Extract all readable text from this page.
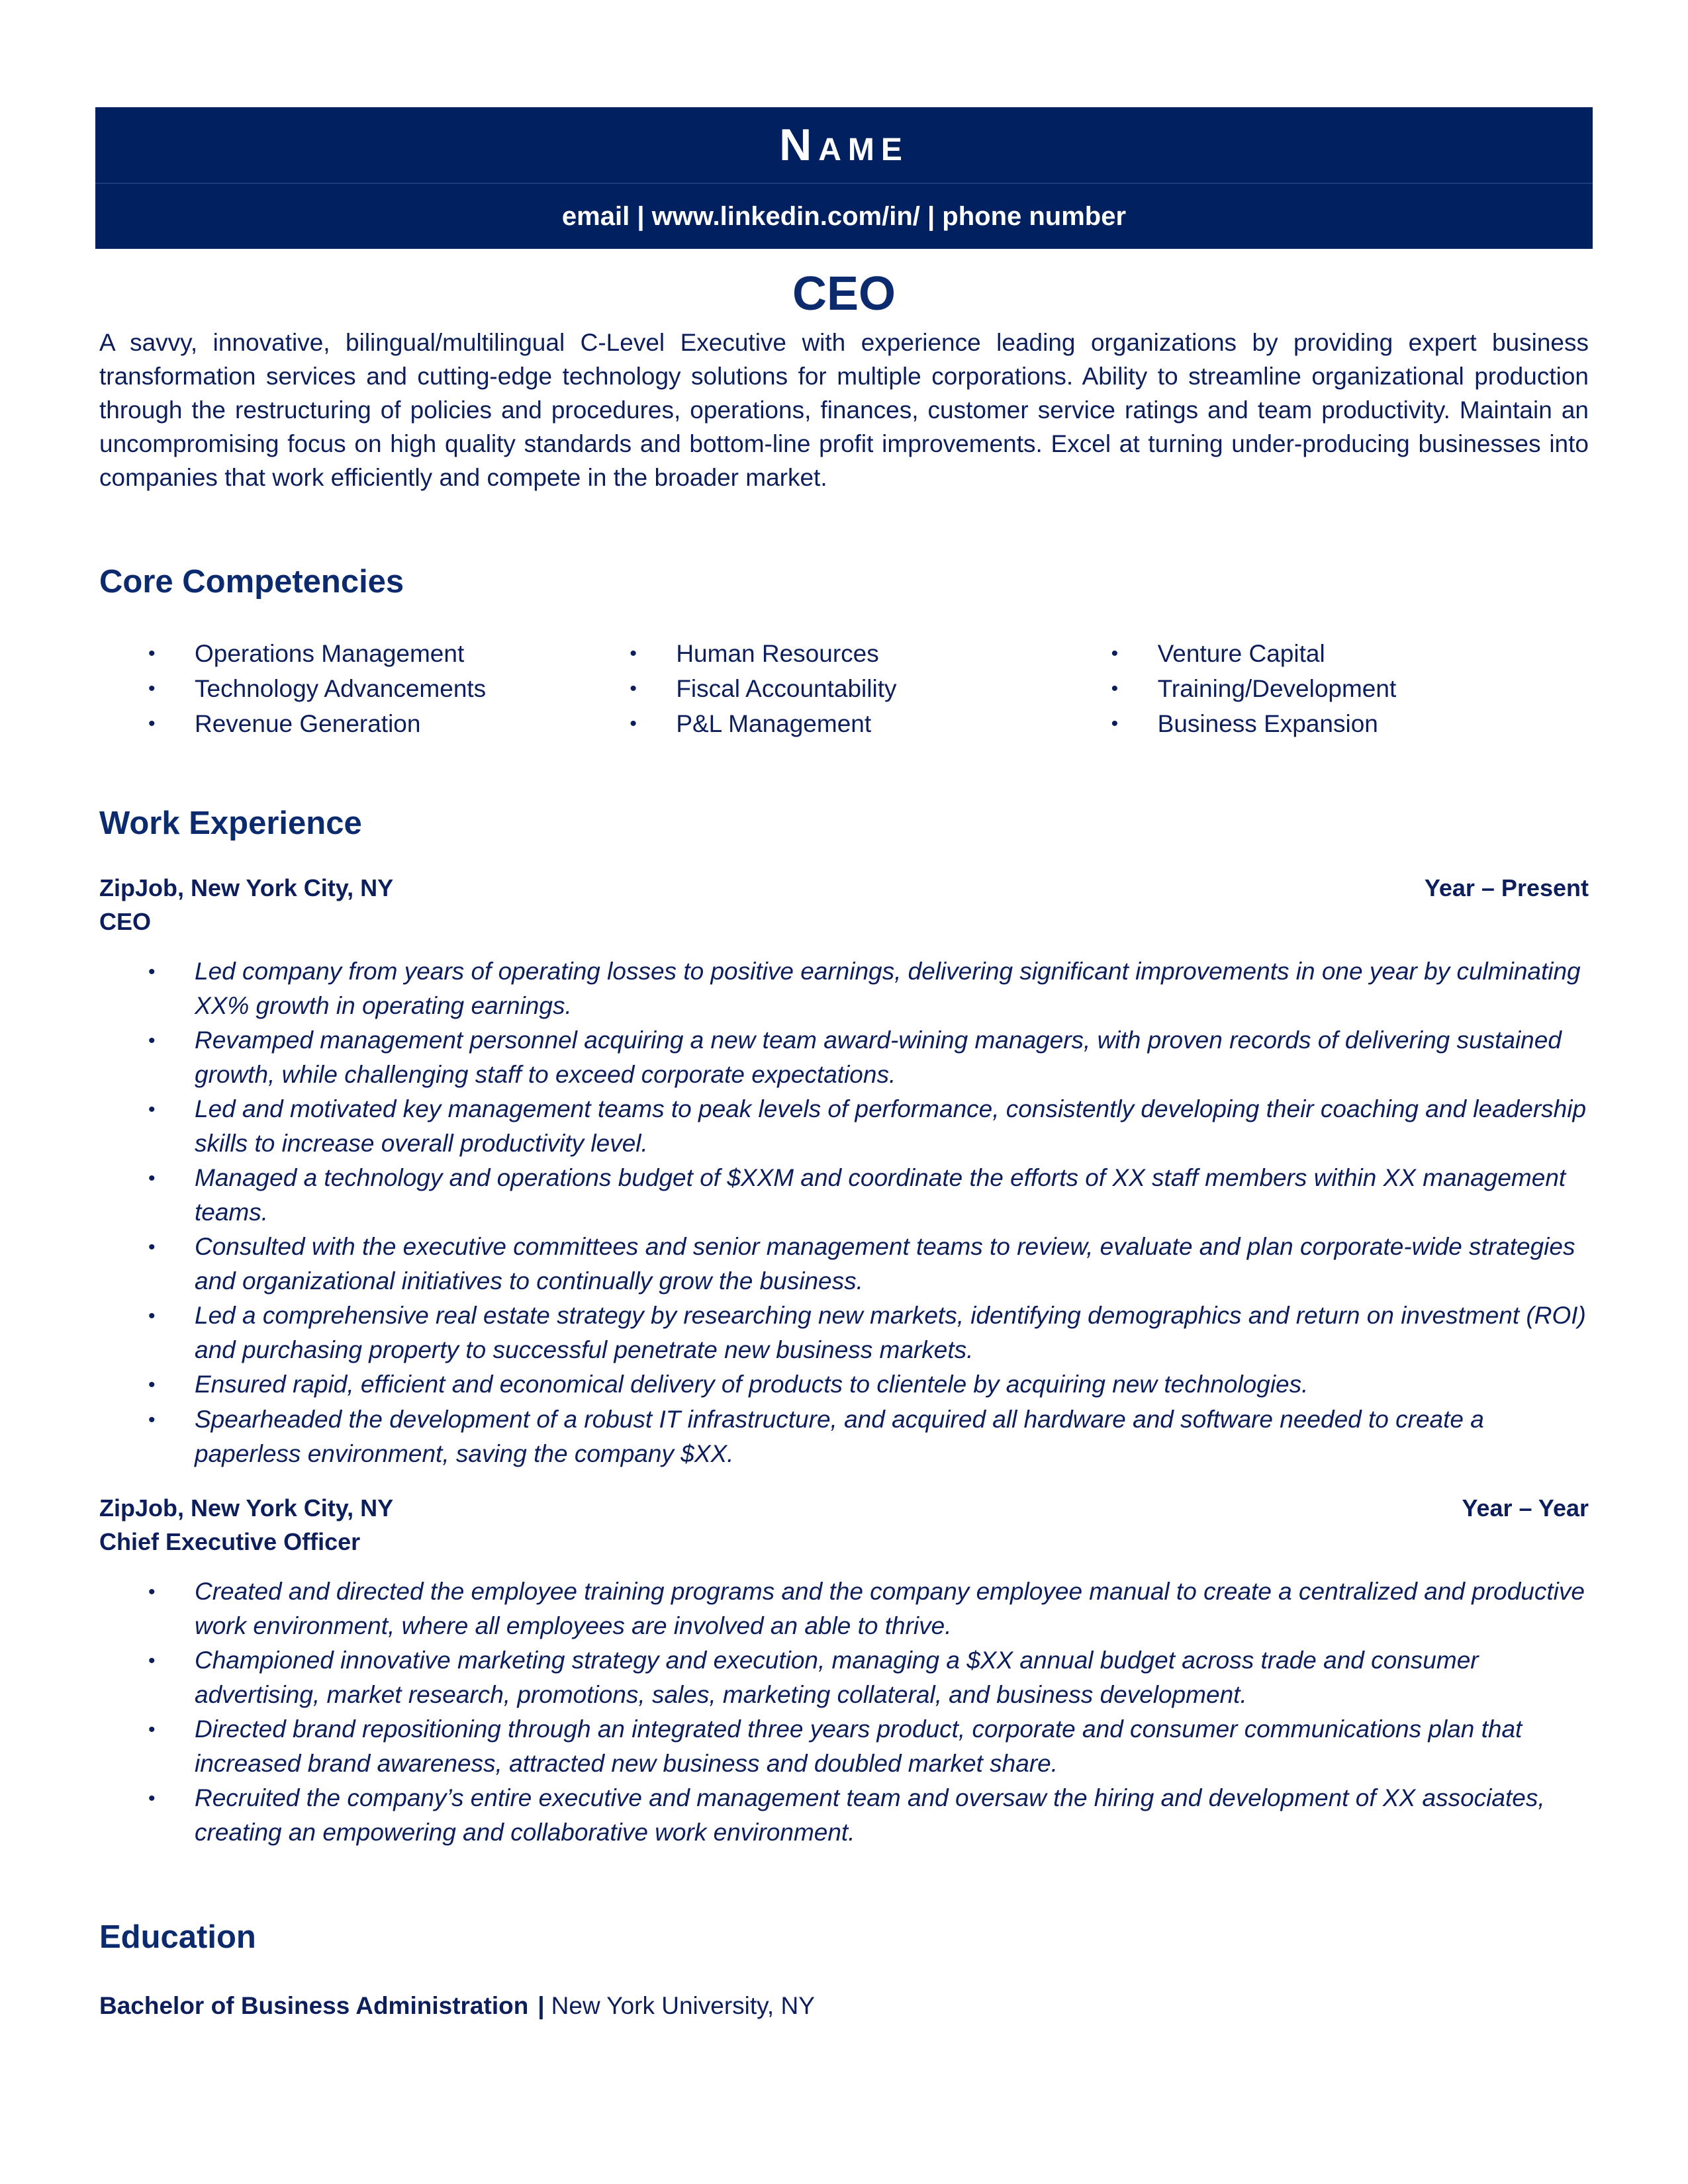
Name
email | www.linkedin.com/in/ | phone number
CEO
A savvy, innovative, bilingual/multilingual C-Level Executive with experience leading organizations by providing expert business transformation services and cutting-edge technology solutions for multiple corporations. Ability to streamline organizational production through the restructuring of policies and procedures, operations, finances, customer service ratings and team productivity. Maintain an uncompromising focus on high quality standards and bottom-line profit improvements. Excel at turning under-producing businesses into companies that work efficiently and compete in the broader market.
Core Competencies
•	Operations Management
•	Technology Advancements
•	Revenue Generation
•	Human Resources
•	Fiscal Accountability
•	P&L Management
•	Venture Capital
•	Training/Development
•	Business Expansion
Work Experience
ZipJob, New York City, NY	Year – Present
CEO
•	Led company from years of operating losses to positive earnings, delivering significant improvements in one year by culminating XX% growth in operating earnings.
•	Revamped management personnel acquiring a new team award-wining managers, with proven records of delivering sustained growth, while challenging staff to exceed corporate expectations.
•	Led and motivated key management teams to peak levels of performance, consistently developing their coaching and leadership skills to increase overall productivity level.
•	Managed a technology and operations budget of $XXM and coordinate the efforts of XX staff members within XX management teams.
•	Consulted with the executive committees and senior management teams to review, evaluate and plan corporate-wide strategies and organizational initiatives to continually grow the business.
•	Led a comprehensive real estate strategy by researching new markets, identifying demographics and return on investment (ROI) and purchasing property to successful penetrate new business markets.
•	Ensured rapid, efficient and economical delivery of products to clientele by acquiring new technologies.
•	Spearheaded the development of a robust IT infrastructure, and acquired all hardware and software needed to create a paperless environment, saving the company $XX.
ZipJob, New York City, NY	Year – Year
Chief Executive Officer
•	Created and directed the employee training programs and the company employee manual to create a centralized and productive work environment, where all employees are involved an able to thrive.
•	Championed innovative marketing strategy and execution, managing a $XX annual budget across trade and consumer advertising, market research, promotions, sales, marketing collateral, and business development.
•	Directed brand repositioning through an integrated three years product, corporate and consumer communications plan that increased brand awareness, attracted new business and doubled market share.
•	Recruited the company’s entire executive and management team and oversaw the hiring and development of XX associates, creating an empowering and collaborative work environment.
Education
Bachelor of Business Administration | New York University, NY
